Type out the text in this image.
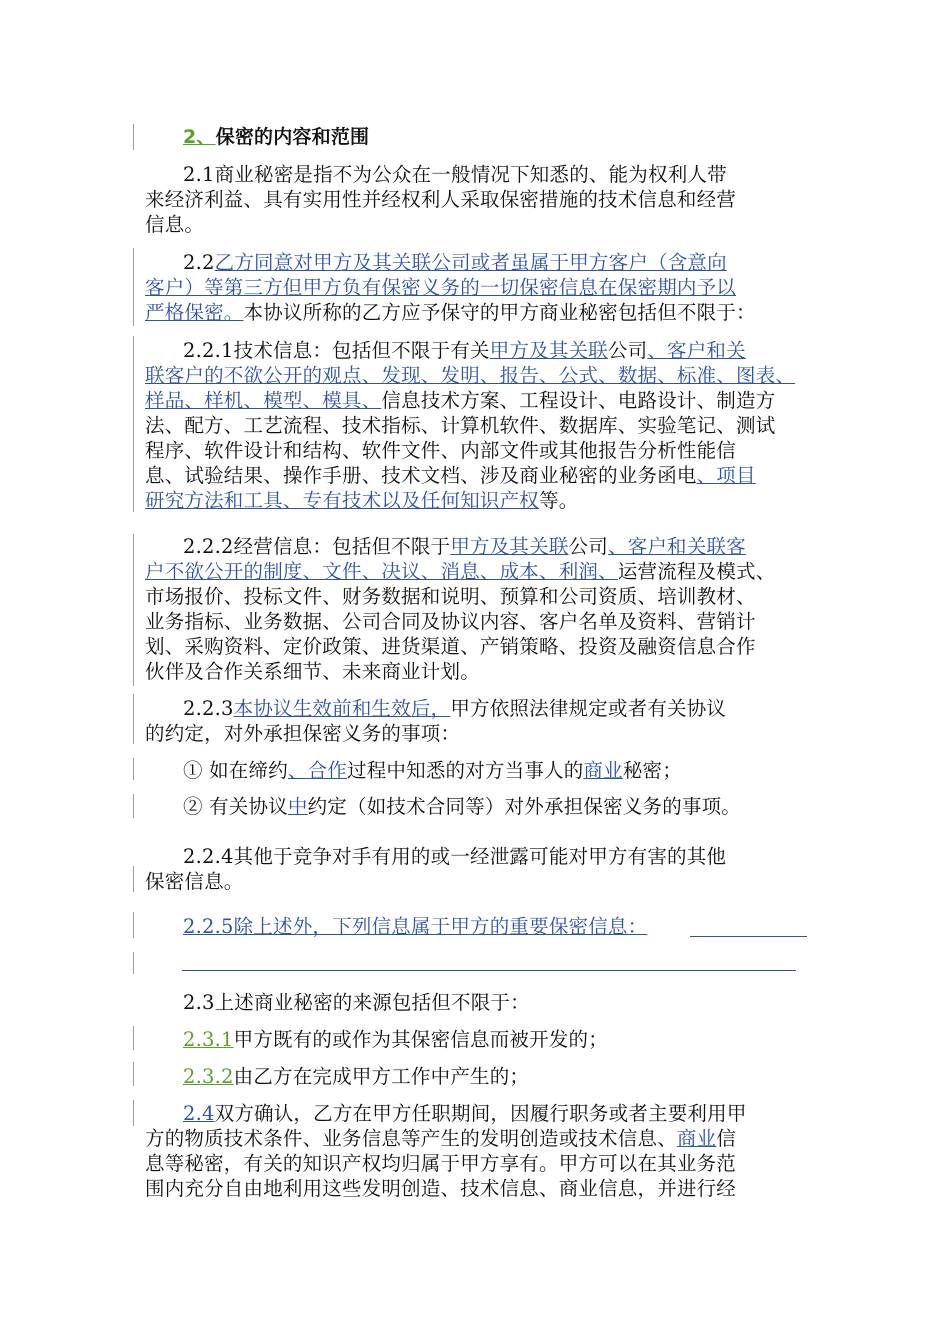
2、保密的内容和范围
2.1商业秘密是指不为公众在一般情况下知悉的、能为权利人带
来经济利益、具有实用性并经权利人采取保密措施的技术信息和经营
信息。
2.2乙方同意对甲方及其关联公司或者虽属于甲方客户（含意向
客户）等第三方但甲方负有保密义务的一切保密信息在保密期内予以
严格保密。本协议所称的乙方应予保守的甲方商业秘密包括但不限于：
2.2.1技术信息：包括但不限于有关甲方及其关联公司、客户和关
联客户的不欲公开的观点、发现、发明、报告、公式、数据、标准、图表、
样品、样机、模型、模具、信息技术方案、工程设计、电路设计、制造方
法、配方、工艺流程、技术指标、计算机软件、数据库、实验笔记、测试
程序、软件设计和结构、软件文件、内部文件或其他报告分析性能信
息、试验结果、操作手册、技术文档、涉及商业秘密的业务函电、项目
研究方法和工具、专有技术以及任何知识产权等。
2.2.2经营信息：包括但不限于甲方及其关联公司、客户和关联客
户不欲公开的制度、文件、决议、消息、成本、利润、运营流程及模式、
市场报价、投标文件、财务数据和说明、预算和公司资质、培训教材、
业务指标、业务数据、公司合同及协议内容、客户名单及资料、营销计
划、采购资料、定价政策、进货渠道、产销策略、投资及融资信息合作
伙伴及合作关系细节、未来商业计划。
2.2.3本协议生效前和生效后，甲方依照法律规定或者有关协议
的约定，对外承担保密义务的事项：
① 如在缔约、合作过程中知悉的对方当事人的商业秘密；
② 有关协议中约定（如技术合同等）对外承担保密义务的事项。
2.2.4其他于竞争对手有用的或一经泄露可能对甲方有害的其他
保密信息。
2.2.5除上述外，下列信息属于甲方的重要保密信息：
2.3上述商业秘密的来源包括但不限于：
2.3.1甲方既有的或作为其保密信息而被开发的；
2.3.2由乙方在完成甲方工作中产生的；
2.4双方确认，乙方在甲方任职期间，因履行职务或者主要利用甲
方的物质技术条件、业务信息等产生的发明创造或技术信息、商业信
息等秘密，有关的知识产权均归属于甲方享有。甲方可以在其业务范
围内充分自由地利用这些发明创造、技术信息、商业信息，并进行经
